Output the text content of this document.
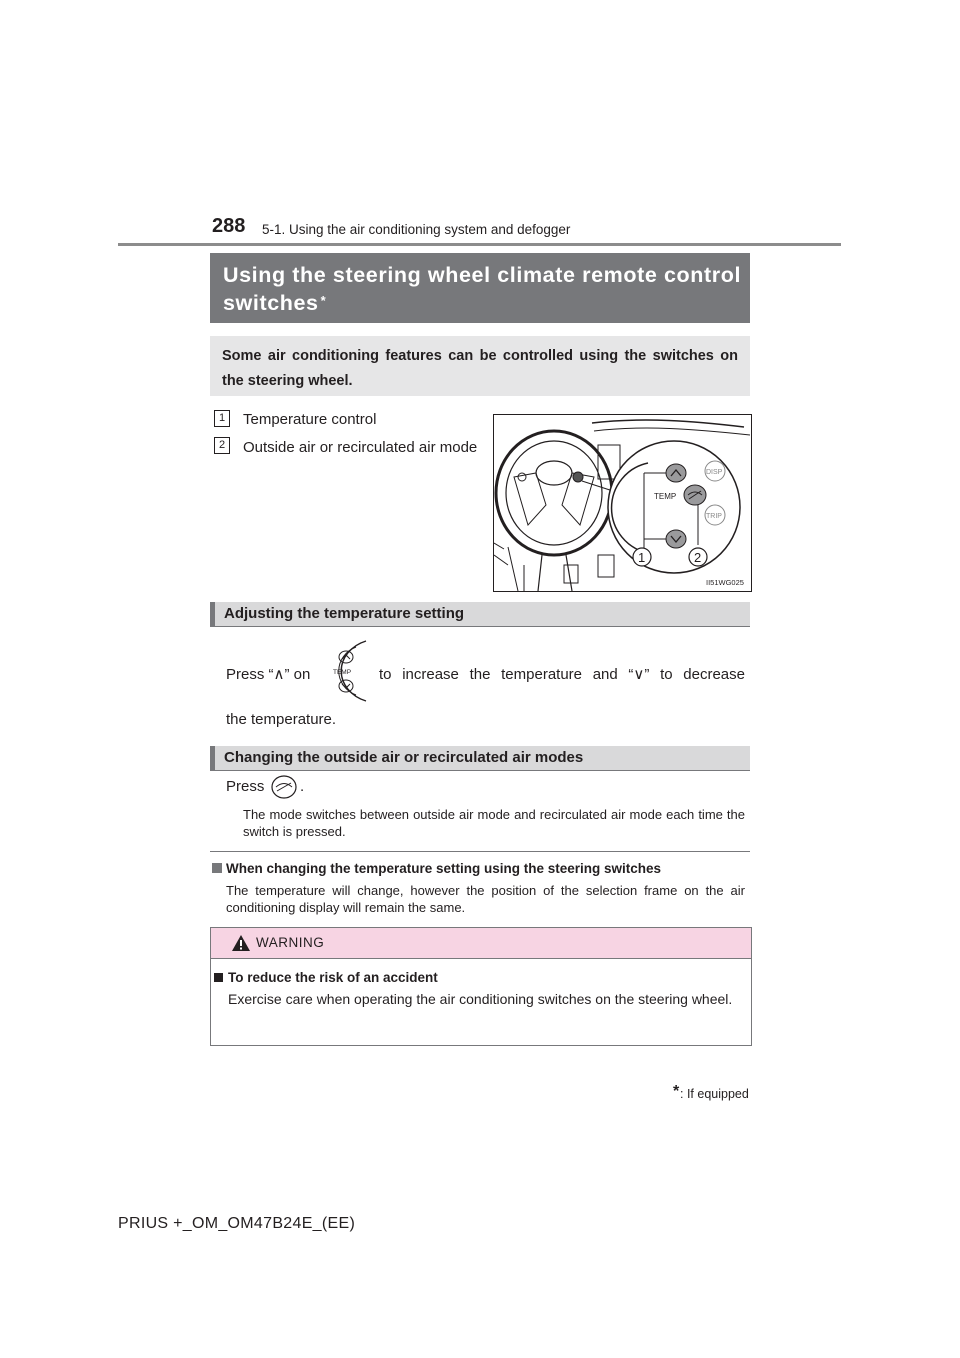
288 5-1. Using the air conditioning system and defogger
Using the steering wheel climate remote control switches *
Some air conditioning features can be controlled using the switches on the steering wheel.
1	Temperature control
2	Outside air or recirculated air mode
TEMP
DISP
TRIP
1	2
II51WG025
Adjusting the temperature setting
Press “∧” on	TEMP to increase the temperature and “∨” to decrease
the temperature.
Changing the outside air or recirculated air modes
Press .
The mode switches between outside air mode and recirculated air mode each time the switch is pressed.
When changing the temperature setting using the steering switches
The temperature will change, however the position of the selection frame on the air conditioning display will remain the same.
WARNING
To reduce the risk of an accident
Exercise care when operating the air conditioning switches on the steering wheel.
* : If equipped
PRIUS +_OM_OM47B24E_(EE)
